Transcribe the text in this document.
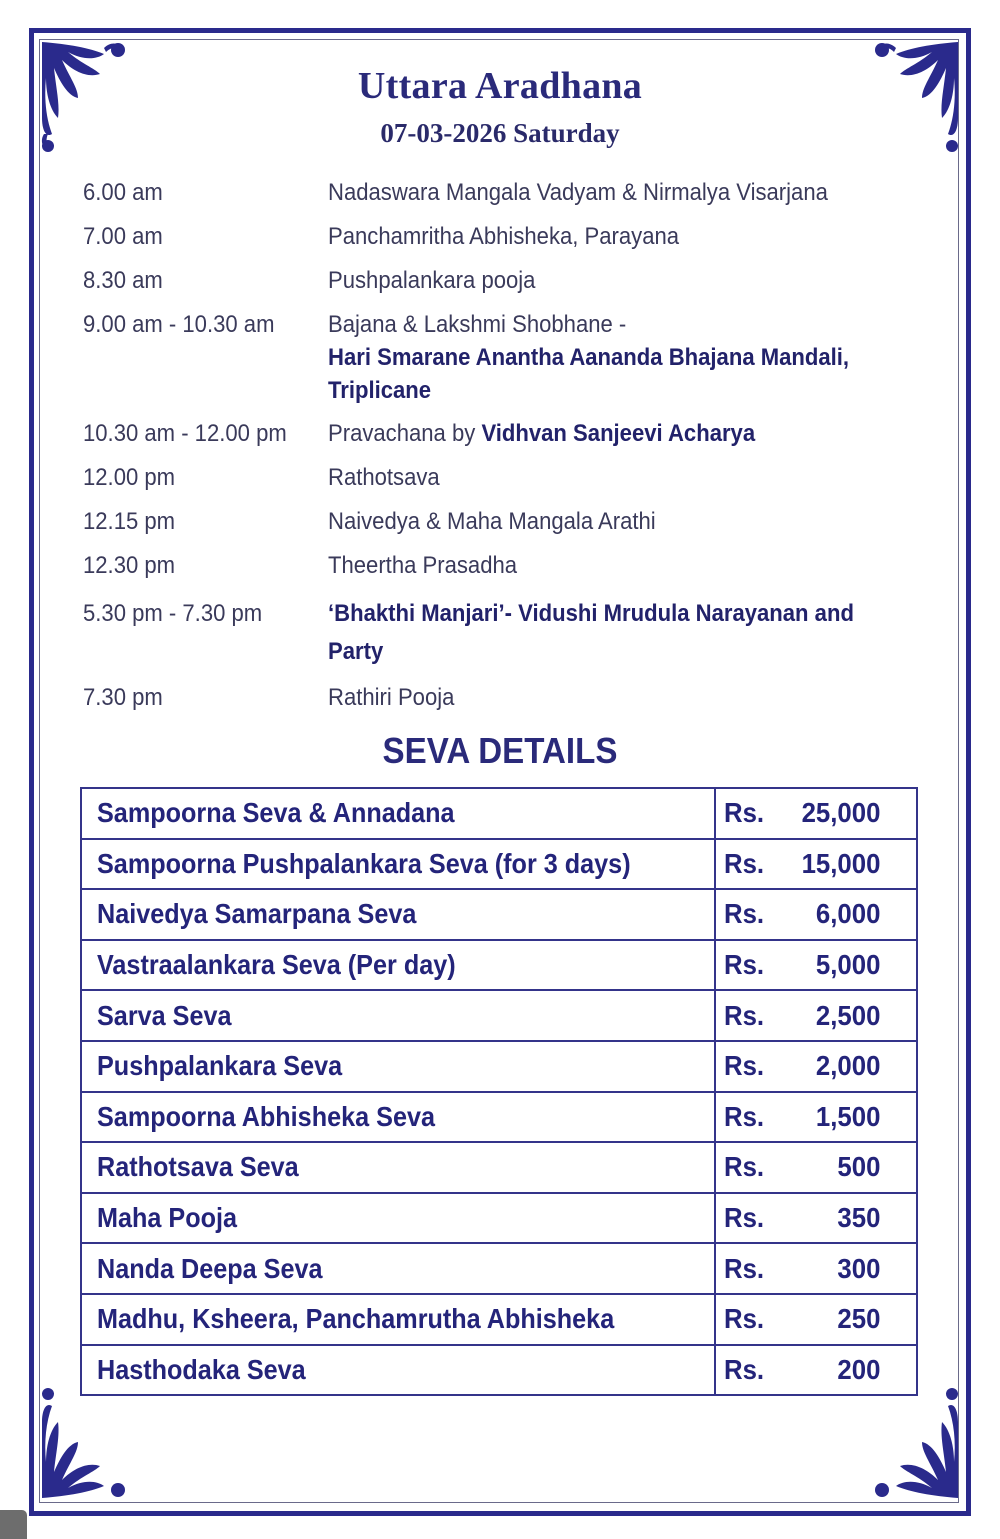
Uttara Aradhana
07-03-2026 Saturday
6.00 am	Nadaswara Mangala Vadyam & Nirmalya Visarjana
7.00 am	Panchamritha Abhisheka, Parayana
8.30 am	Pushpalankara pooja
9.00 am - 10.30 am	Bajana & Lakshmi Shobhane -
Hari Smarane Anantha Aananda Bhajana Mandali,
Triplicane
10.30 am - 12.00 pm	Pravachana by Vidhvan Sanjeevi Acharya
12.00 pm	Rathotsava
12.15 pm	Naivedya & Maha Mangala Arathi
12.30 pm	Theertha Prasadha
5.30 pm - 7.30 pm	‘Bhakthi Manjari’- Vidushi Mrudula Narayanan and
Party
7.30 pm	Rathiri Pooja
SEVA DETAILS
Sampoorna Seva & Annadana	Rs. 25,000

Sampoorna Pushpalankara Seva (for 3 days)	Rs. 15,000

Naivedya Samarpana Seva	Rs. 6,000

Vastraalankara Seva (Per day)	Rs. 5,000

Sarva Seva	Rs. 2,500

Pushpalankara Seva	Rs. 2,000

Sampoorna Abhisheka Seva	Rs. 1,500

Rathotsava Seva	Rs. 500

Maha Pooja	Rs. 350

Nanda Deepa Seva	Rs. 300

Madhu, Ksheera, Panchamrutha Abhisheka	Rs. 250

Hasthodaka Seva	Rs. 200
